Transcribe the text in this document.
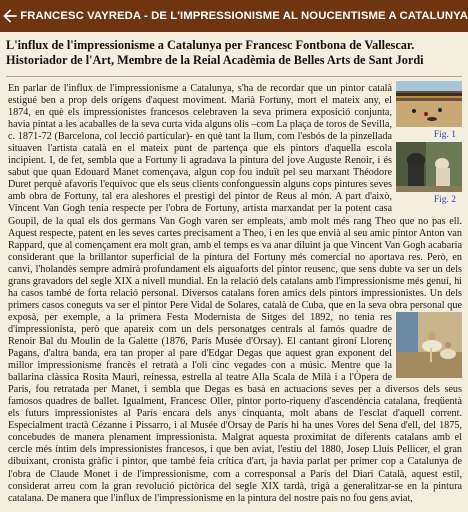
FRANCESC VAYREDA - DE L'IMPRESSIONISME AL NOUCENTISME A CATALUNYA
L'influx de l'impressionisme a Catalunya per Francesc Fontbona de Vallescar. Historiador de l'Art, Membre de la Reial Acadèmia de Belles Arts de Sant Jordi
Fig. 1
Fig. 2
En parlar de l'influx de l'impressionisme a Catalunya, s'ha de recordar que un pintor català estigué ben a prop dels orígens d'aquest moviment. Marià Fortuny, mort el mateix any, el 1874, en què els impressionistes francesos celebraven la seva primera exposició conjunta, havia pintat a les acaballes de la seva curta vida alguns olis –com La plaça de toros de Sevilla, c. 1871-72 (Barcelona, col lecció particular)- en què tant la llum, com l'esbós de la pinzellada situaven l'artista català en el mateix punt de partença que els pintors d'aquella escola incipient. I, de fet, sembla que a Fortuny li agradava la pintura del jove Auguste Renoir, i és sabut que quan Edouard Manet començava, algun cop fou induït pel seu marxant Théodore Duret perquè afavoris l'equívoc que els seus clients confonguessin alguns cops pintures seves amb obra de Fortuny, tal era aleshores el prestigi del pintor de Reus al món. A part d'això, Vincent Van Gogh tenia respecte per l'obra de Fortuny, artista marxandat per la potent casa Goupil, de la qual els dos germans Van Gogh varen ser empleats, amb molt més rang Theo que no pas ell. Aquest respecte, patent en les seves cartes precisament a Theo, i en les que envià al seu amic pintor Anton van Rappard, que al començament era molt gran, amb el temps es va anar diluint ja que Vincent Van Gogh acabaria considerant que la brillantor superficial de la pintura del Fortuny més comercial no aportava res. Però, en canvi, l'holandès sempre admirà profundament els aiguaforts del pintor reusenc, que sens dubte va ser un dels grans gravadors del segle XIX a nivell mundial. En la relació dels catalans amb l'impressionisme més genuí, hi ha casos també de forta relació personal. Diversos catalans foren amics dels pintors impressionistes. Un dels primers casos coneguts va ser el pintor Pere Vidal de Solares, català de Cuba, que en la seva obra personal que exposà, per exemple, a la primera Festa Modernista de Sitges del 1892, no tenia res d'impressionista, però que apareix com un dels personatges centrals al famós quadre de Renoir Bal du Moulin de la Galette (1876, París Musée d'Orsay). El cantant gironí Llorenç Pagans, d'altra banda, era tan proper al pare d'Edgar Degas que aquest gran exponent del millor impressionisme francès el retratà a l'oli cinc vegades con a músic. Mentre que la ballarina clàssica Rosita Mauri, reinessa, estrella al teatre Alla Scala de Milà i a l'Òpera de París, fou retratada per Manet, i sembla que Degas es basà en actuacions seves per a diversos dels seus famosos quadres de ballet. Igualment, Francesc Oller, pintor porto-riqueny d'ascendència catalana, freqüentà els futurs impressionistes al París encara dels anys cinquanta, molt abans de l'esclat d'aquell corrent. Especialment tractà Cézanne i Pissarro, i al Musée d'Orsay de París hi ha unes Vores del Sena d'ell, del 1875, concebudes de manera plenament impressionista. Malgrat aquesta proximitat de diferents catalans amb el cercle més íntim dels impressionistes francesos, i que ben aviat, l'estiu del 1880, Josep Lluís Pellicer, el gran dibuixant, cronista gràfic i pintor, que també feia crítica d'art, ja havia parlat per primer cop a Catalunya de l'obra de Claude Monet i de l'impressionisme, com a corresponsal a París del Diari Català, aquest estil, considerat arreu com la gran revolució pictòrica del segle XIX tardà, trigà a generalitzar-se en la pintura catalana. De manera que l'influx de l'impressionisme en la pintura del nostre país no fou gens aviat,
